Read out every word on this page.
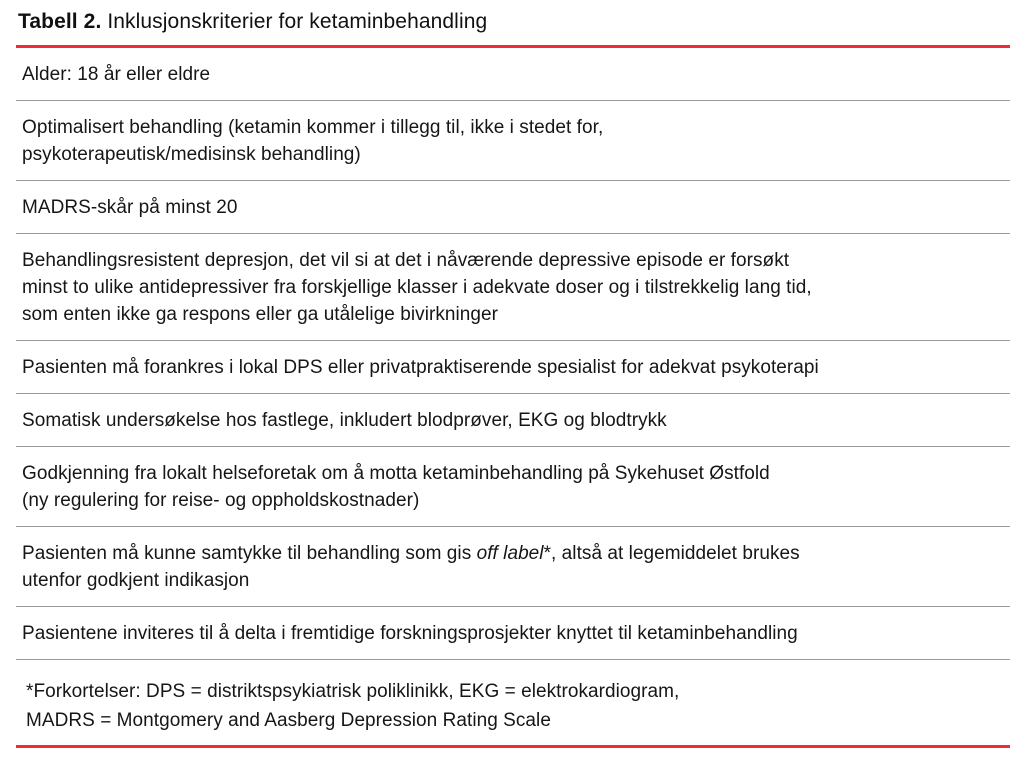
Tabell 2. Inklusjonskriterier for ketaminbehandling

Alder: 18 år eller eldre

Optimalisert behandling (ketamin kommer i tillegg til, ikke i stedet for,

psykoterapeutisk/medisinsk behandling)

MADRS-skår på minst 20

Behandlingsresistent depresjon, det vil si at det i nåværende depressive episode er forsøkt

minst to ulike antidepressiver fra forskjellige klasser i adekvate doser og i tilstrekkelig lang tid,

som enten ikke ga respons eller ga utålelige bivirkninger

Pasienten må forankres i lokal DPS eller privatpraktiserende spesialist for adekvat psykoterapi

Somatisk undersøkelse hos fastlege, inkludert blodprøver, EKG og blodtrykk

Godkjenning fra lokalt helseforetak om å motta ketaminbehandling på Sykehuset Østfold

(ny regulering for reise- og oppholdskostnader)

Pasienten må kunne samtykke til behandling som gis off label*, altså at legemiddelet brukes

utenfor godkjent indikasjon

Pasientene inviteres til å delta i fremtidige forskningsprosjekter knyttet til ketaminbehandling

*Forkortelser: DPS = distriktspsykiatrisk poliklinikk, EKG = elektrokardiogram,

MADRS = Montgomery and Aasberg Depression Rating Scale
